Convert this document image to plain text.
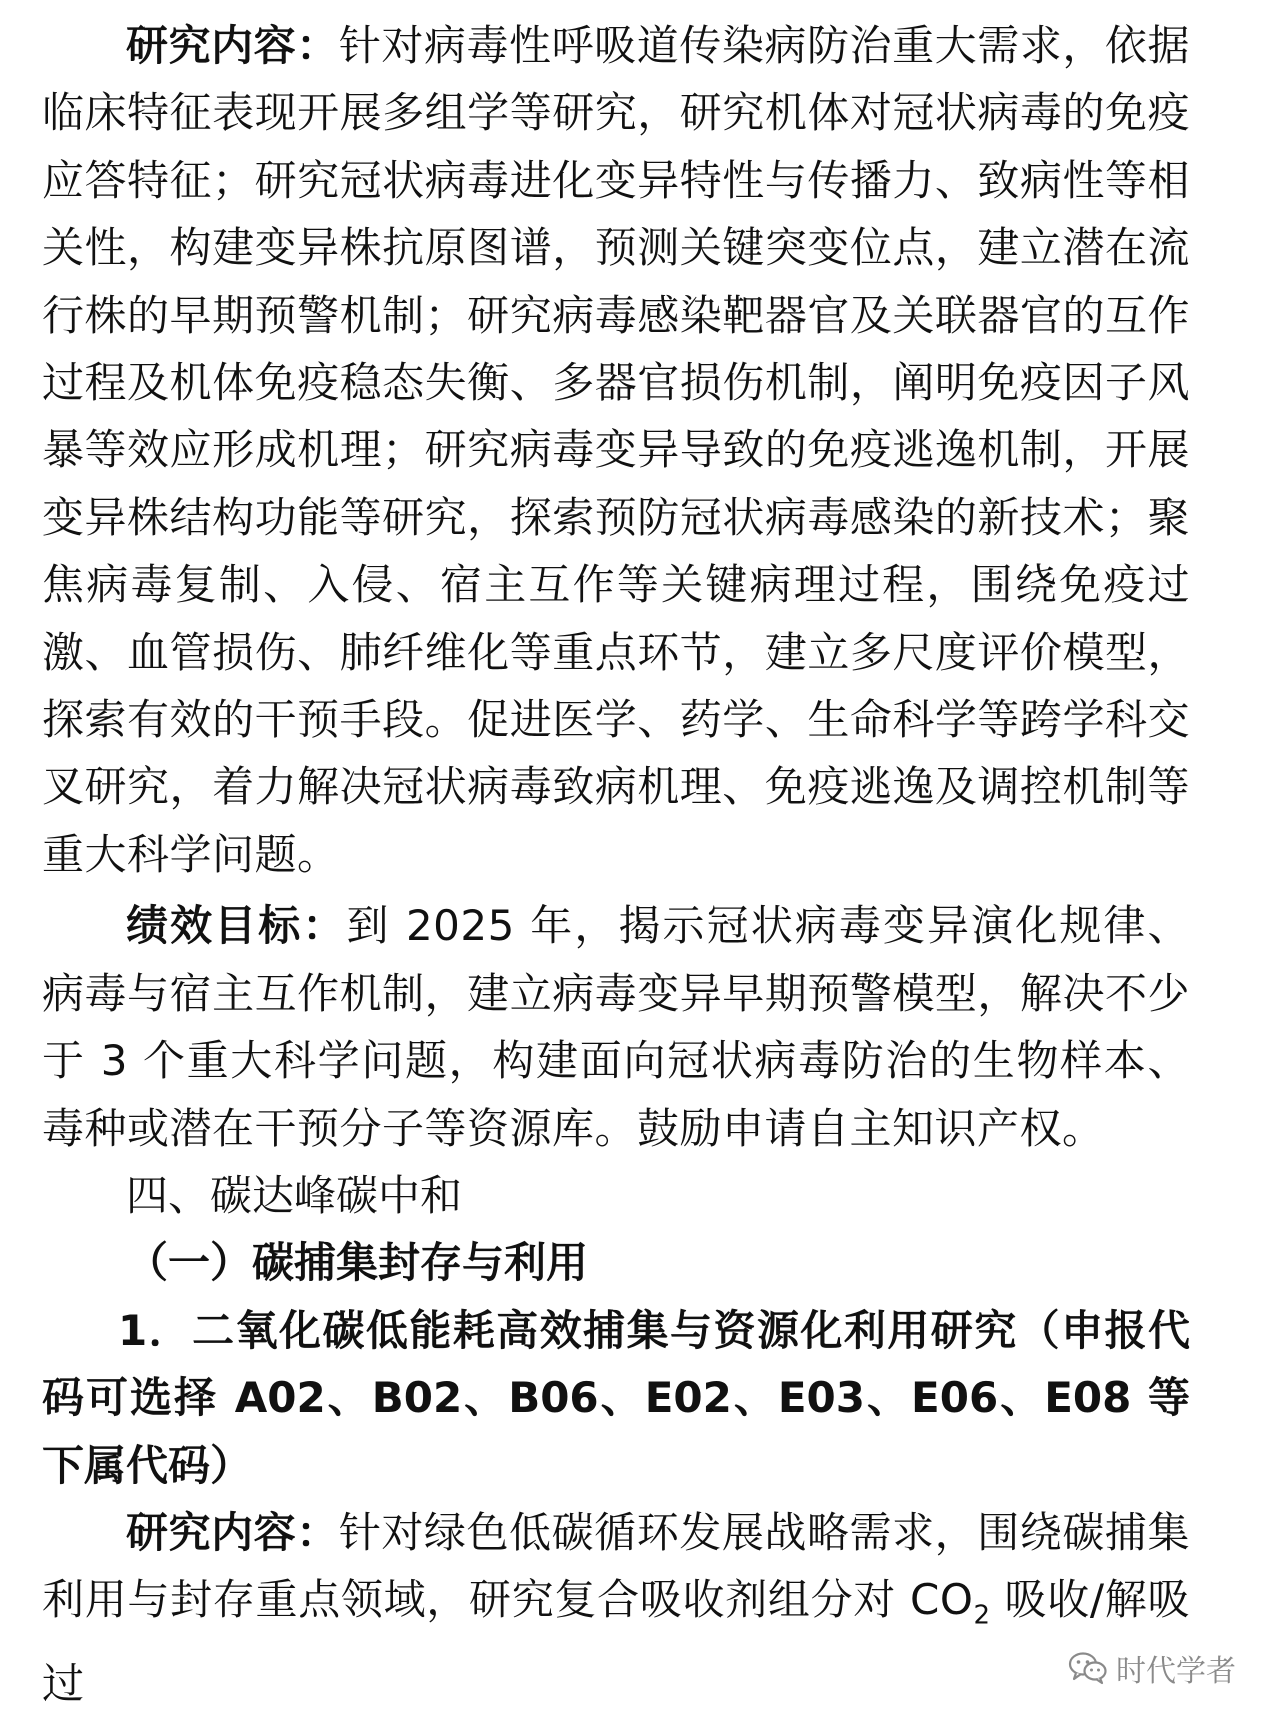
研究内容：针对病毒性呼吸道传染病防治重大需求，依据临床特征表现开展多组学等研究，研究机体对冠状病毒的免疫应答特征；研究冠状病毒进化变异特性与传播力、致病性等相关性，构建变异株抗原图谱，预测关键突变位点，建立潜在流行株的早期预警机制；研究病毒感染靶器官及关联器官的互作过程及机体免疫稳态失衡、多器官损伤机制，阐明免疫因子风暴等效应形成机理；研究病毒变异导致的免疫逃逸机制，开展变异株结构功能等研究，探索预防冠状病毒感染的新技术；聚焦病毒复制、入侵、宿主互作等关键病理过程，围绕免疫过激、血管损伤、肺纤维化等重点环节，建立多尺度评价模型，探索有效的干预手段。促进医学、药学、生命科学等跨学科交叉研究，着力解决冠状病毒致病机理、免疫逃逸及调控机制等重大科学问题。

绩效目标：到 2025 年，揭示冠状病毒变异演化规律、病毒与宿主互作机制，建立病毒变异早期预警模型，解决不少于 3 个重大科学问题，构建面向冠状病毒防治的生物样本、毒种或潜在干预分子等资源库。鼓励申请自主知识产权。

四、碳达峰碳中和

（一）碳捕集封存与利用

1．二氧化碳低能耗高效捕集与资源化利用研究（申报代码可选择 A02、B02、B06、E02、E03、E06、E08 等下属代码）

研究内容：针对绿色低碳循环发展战略需求，围绕碳捕集利用与封存重点领域，研究复合吸收剂组分对 $CO_2$ 吸收/解吸过	时代学者
